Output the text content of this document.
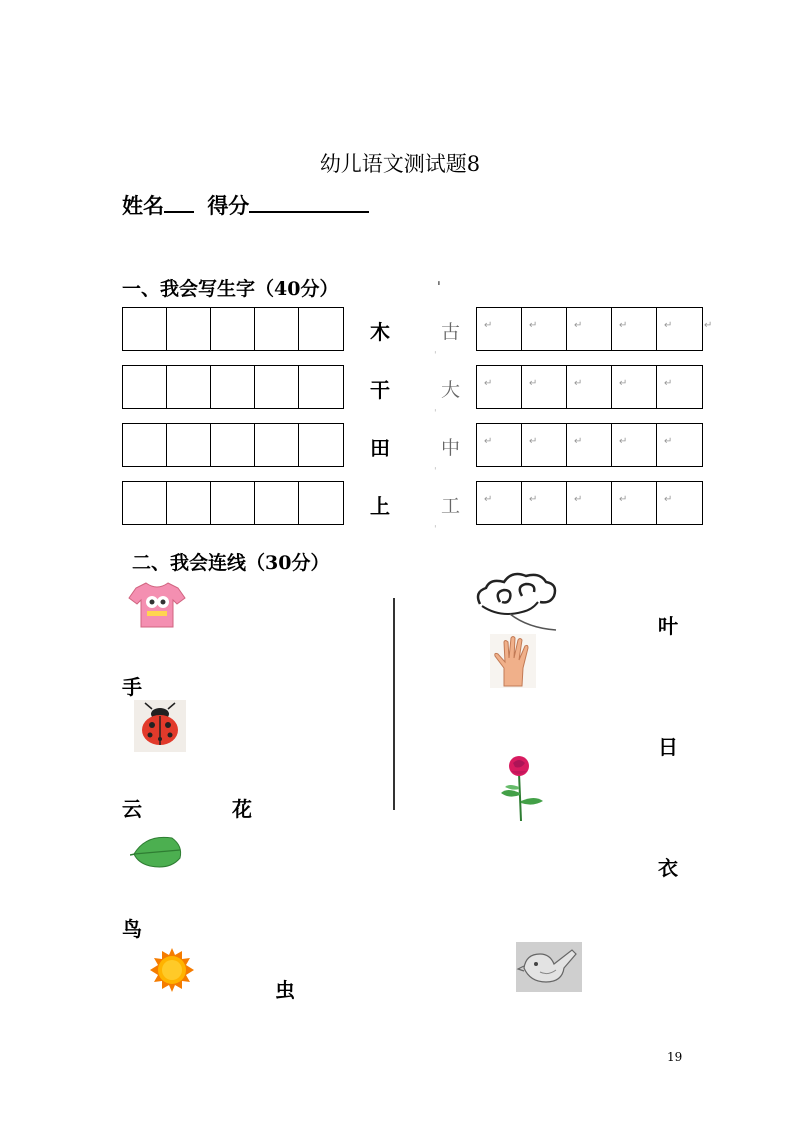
幼儿语文测试题8
姓名 得分
一、我会写生字（40分）	ˈ
木	古
ˌ
↵	↵	↵	↵	↵	↵
干	大
ˌ
↵	↵	↵	↵	↵
田	中
ˌ
↵	↵	↵	↵	↵
上	工
ˌ
↵	↵	↵	↵	↵
二、我会连线（30分）
手
云	花
鸟
虫
叶
日
衣
19
